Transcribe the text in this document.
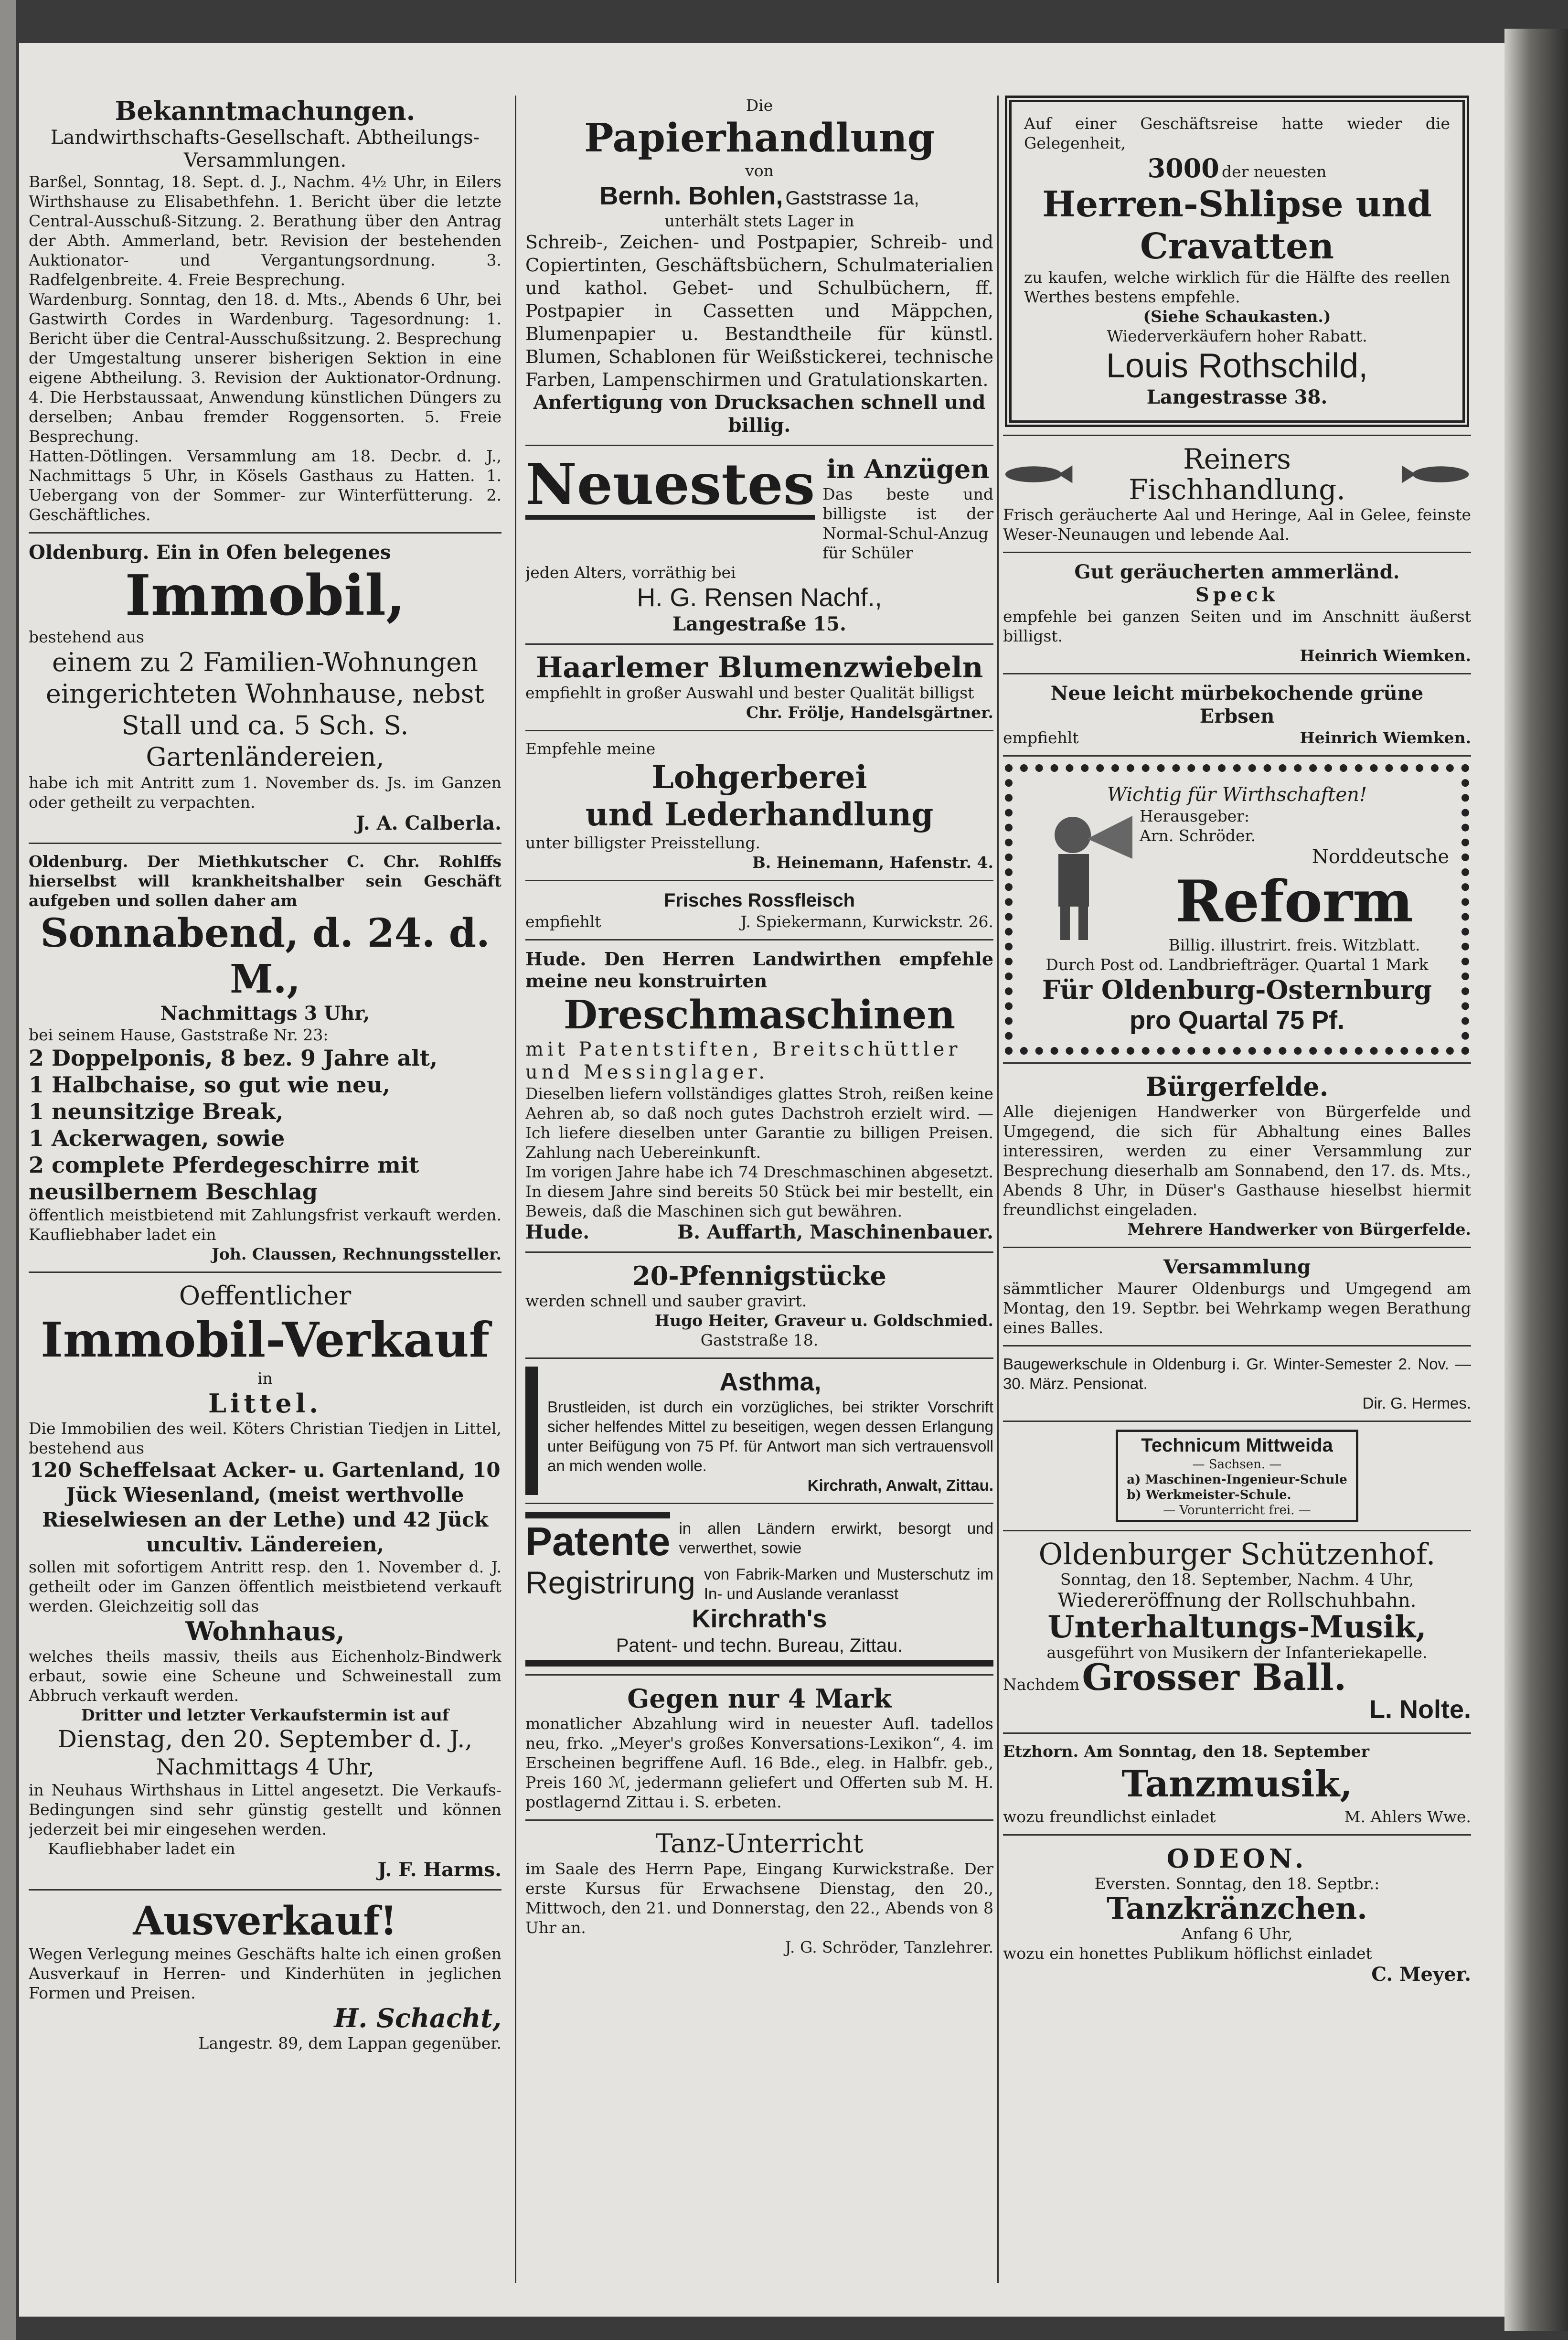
Bekanntmachungen.

Landwirthschafts-Gesellschaft. Abtheilungs-Versammlungen.

Barßel, Sonntag, 18. Sept. d. J., Nachm. 4½ Uhr, in Eilers Wirthshause zu Elisabethfehn. 1. Bericht über die letzte Central-Ausschuß-Sitzung. 2. Berathung über den Antrag der Abth. Ammerland, betr. Revision der bestehenden Auktionator- und Vergantungsordnung. 3. Radfelgenbreite. 4. Freie Besprechung.

Wardenburg. Sonntag, den 18. d. Mts., Abends 6 Uhr, bei Gastwirth Cordes in Wardenburg. Tagesordnung: 1. Bericht über die Central-Ausschußsitzung. 2. Besprechung der Umgestaltung unserer bisherigen Sektion in eine eigene Abtheilung. 3. Revision der Auktionator-Ordnung. 4. Die Herbstaussaat, Anwendung künstlichen Düngers zu derselben; Anbau fremder Roggensorten. 5. Freie Besprechung.

Hatten-Dötlingen. Versammlung am 18. Decbr. d. J., Nachmittags 5 Uhr, in Kösels Gasthaus zu Hatten. 1. Uebergang von der Sommer- zur Winterfütterung. 2. Geschäftliches.

Oldenburg. Ein in Ofen belegenes

Immobil,

bestehend aus

einem zu 2 Familien-Wohnungen eingerichteten Wohnhause, nebst Stall und ca. 5 Sch. S. Gartenländereien,

habe ich mit Antritt zum 1. November ds. Js. im Ganzen oder getheilt zu verpachten.

J. A. Calberla.

Oldenburg. Der Miethkutscher C. Chr. Rohlffs hierselbst will krankheitshalber sein Geschäft aufgeben und sollen daher am

Sonnabend, d. 24. d. M.,

Nachmittags 3 Uhr,

bei seinem Hause, Gaststraße Nr. 23:

2 Doppelponis, 8 bez. 9 Jahre alt,

1 Halbchaise, so gut wie neu,

1 neunsitzige Break,

1 Ackerwagen, sowie

2 complete Pferdegeschirre mit neusilbernem Beschlag

öffentlich meistbietend mit Zahlungsfrist verkauft werden. Kaufliebhaber ladet ein

Joh. Claussen, Rechnungssteller.

Oeffentlicher

Immobil-Verkauf

in

Littel.

Die Immobilien des weil. Köters Christian Tiedjen in Littel, bestehend aus

120 Scheffelsaat Acker- u. Gartenland, 10 Jück Wiesenland, (meist werthvolle Rieselwiesen an der Lethe) und 42 Jück uncultiv. Ländereien,

sollen mit sofortigem Antritt resp. den 1. November d. J. getheilt oder im Ganzen öffentlich meistbietend verkauft werden. Gleichzeitig soll das

Wohnhaus,

welches theils massiv, theils aus Eichenholz-Bindwerk erbaut, sowie eine Scheune und Schweinestall zum Abbruch verkauft werden.

Dritter und letzter Verkaufstermin ist auf

Dienstag, den 20. September d. J.,

Nachmittags 4 Uhr,

in Neuhaus Wirthshaus in Littel angesetzt. Die Verkaufs-Bedingungen sind sehr günstig gestellt und können jederzeit bei mir eingesehen werden.

Kaufliebhaber ladet ein

J. F. Harms.

Ausverkauf!

Wegen Verlegung meines Geschäfts halte ich einen großen Ausverkauf in Herren- und Kinderhüten in jeglichen Formen und Preisen.

H. Schacht,

Langestr. 89, dem Lappan gegenüber.

Die

Papierhandlung

von

Bernh. Bohlen, Gaststrasse 1a,

unterhält stets Lager in

Schreib-, Zeichen- und Postpapier, Schreib- und Copiertinten, Geschäftsbüchern, Schulmaterialien und kathol. Gebet- und Schulbüchern, ff. Postpapier in Cassetten und Mäppchen, Blumenpapier u. Bestandtheile für künstl. Blumen, Schablonen für Weißstickerei, technische Farben, Lampenschirmen und Gratulationskarten.

Anfertigung von Drucksachen schnell und billig.

Neuestes in Anzügen

Das beste und billigste ist der Normal-Schul-Anzug für Schüler

jeden Alters, vorräthig bei

H. G. Rensen Nachf.,

Langestraße 15.

Haarlemer Blumenzwiebeln

empfiehlt in großer Auswahl und bester Qualität billigst

Chr. Frölje, Handelsgärtner.

Empfehle meine

Lohgerberei

und Lederhandlung

unter billigster Preisstellung.

B. Heinemann, Hafenstr. 4.

Frisches Rossfleisch

empfiehlt	J. Spiekermann, Kurwickstr. 26.

Hude. Den Herren Landwirthen empfehle meine neu konstruirten

Dreschmaschinen

mit Patentstiften, Breitschüttler und Messinglager.

Dieselben liefern vollständiges glattes Stroh, reißen keine Aehren ab, so daß noch gutes Dachstroh erzielt wird. — Ich liefere dieselben unter Garantie zu billigen Preisen. Zahlung nach Uebereinkunft.

Im vorigen Jahre habe ich 74 Dreschmaschinen abgesetzt. In diesem Jahre sind bereits 50 Stück bei mir bestellt, ein Beweis, daß die Maschinen sich gut bewähren.

Hude.	B. Auffarth, Maschinenbauer.

20-Pfennigstücke

werden schnell und sauber gravirt.

Hugo Heiter, Graveur u. Goldschmied.

Gaststraße 18.

Asthma,

Brustleiden, ist durch ein vorzügliches, bei strikter Vorschrift sicher helfendes Mittel zu beseitigen, wegen dessen Erlangung unter Beifügung von 75 Pf. für Antwort man sich vertrauensvoll an mich wenden wolle.

Kirchrath, Anwalt, Zittau.

Patente in allen Ländern erwirkt, besorgt und verwerthet, sowie

Registrirung von Fabrik-Marken und Musterschutz im In- und Auslande veranlasst

Kirchrath's

Patent- und techn. Bureau, Zittau.

Gegen nur 4 Mark

monatlicher Abzahlung wird in neuester Aufl. tadellos neu, frko. „Meyer's großes Konversations-Lexikon“, 4. im Erscheinen begriffene Aufl. 16 Bde., eleg. in Halbfr. geb., Preis 160 ℳ, jedermann geliefert und Offerten sub M. H. postlagernd Zittau i. S. erbeten.

Tanz-Unterricht

im Saale des Herrn Pape, Eingang Kurwickstraße. Der erste Kursus für Erwachsene Dienstag, den 20., Mittwoch, den 21. und Donnerstag, den 22., Abends von 8 Uhr an.

J. G. Schröder, Tanzlehrer.

Auf einer Geschäftsreise hatte wieder die Gelegenheit,

3000 der neuesten

Herren-Shlipse und Cravatten

zu kaufen, welche wirklich für die Hälfte des reellen Werthes bestens empfehle.

(Siehe Schaukasten.)

Wiederverkäufern hoher Rabatt.

Louis Rothschild,

Langestrasse 38.

Reiners Fischhandlung.

Frisch geräucherte Aal und Heringe, Aal in Gelee, feinste Weser-Neunaugen und lebende Aal.

Gut geräucherten ammerländ.

Speck

empfehle bei ganzen Seiten und im Anschnitt äußerst billigst.

Heinrich Wiemken.

Neue leicht mürbekochende grüne

Erbsen

empfiehlt	Heinrich Wiemken.

Wichtig für Wirthschaften!

Herausgeber:

Arn. Schröder.

Norddeutsche

Reform

Billig. illustrirt. freis. Witzblatt.

Durch Post od. Landbriefträger. Quartal 1 Mark

Für Oldenburg-Osternburg

pro Quartal 75 Pf.

Bürgerfelde.

Alle diejenigen Handwerker von Bürgerfelde und Umgegend, die sich für Abhaltung eines Balles interessiren, werden zu einer Versammlung zur Besprechung dieserhalb am Sonnabend, den 17. ds. Mts., Abends 8 Uhr, in Düser's Gasthause hieselbst hiermit freundlichst eingeladen.

Mehrere Handwerker von Bürgerfelde.

Versammlung

sämmtlicher Maurer Oldenburgs und Umgegend am Montag, den 19. Septbr. bei Wehrkamp wegen Berathung eines Balles.

Baugewerkschule in Oldenburg i. Gr. Winter-Semester 2. Nov. — 30. März. Pensionat.

Dir. G. Hermes.

Technicum Mittweida

— Sachsen. —

a) Maschinen-Ingenieur-Schule

b) Werkmeister-Schule.

— Vorunterricht frei. —

Oldenburger Schützenhof.

Sonntag, den 18. September, Nachm. 4 Uhr,

Wiedereröffnung der Rollschuhbahn.

Unterhaltungs-Musik,

ausgeführt von Musikern der Infanteriekapelle.

Nachdem Grosser Ball.

L. Nolte.

Etzhorn. Am Sonntag, den 18. September

Tanzmusik,

wozu freundlichst einladet	M. Ahlers Wwe.

ODEON.

Eversten. Sonntag, den 18. Septbr.:

Tanzkränzchen.

Anfang 6 Uhr,

wozu ein honettes Publikum höflichst einladet

C. Meyer.
